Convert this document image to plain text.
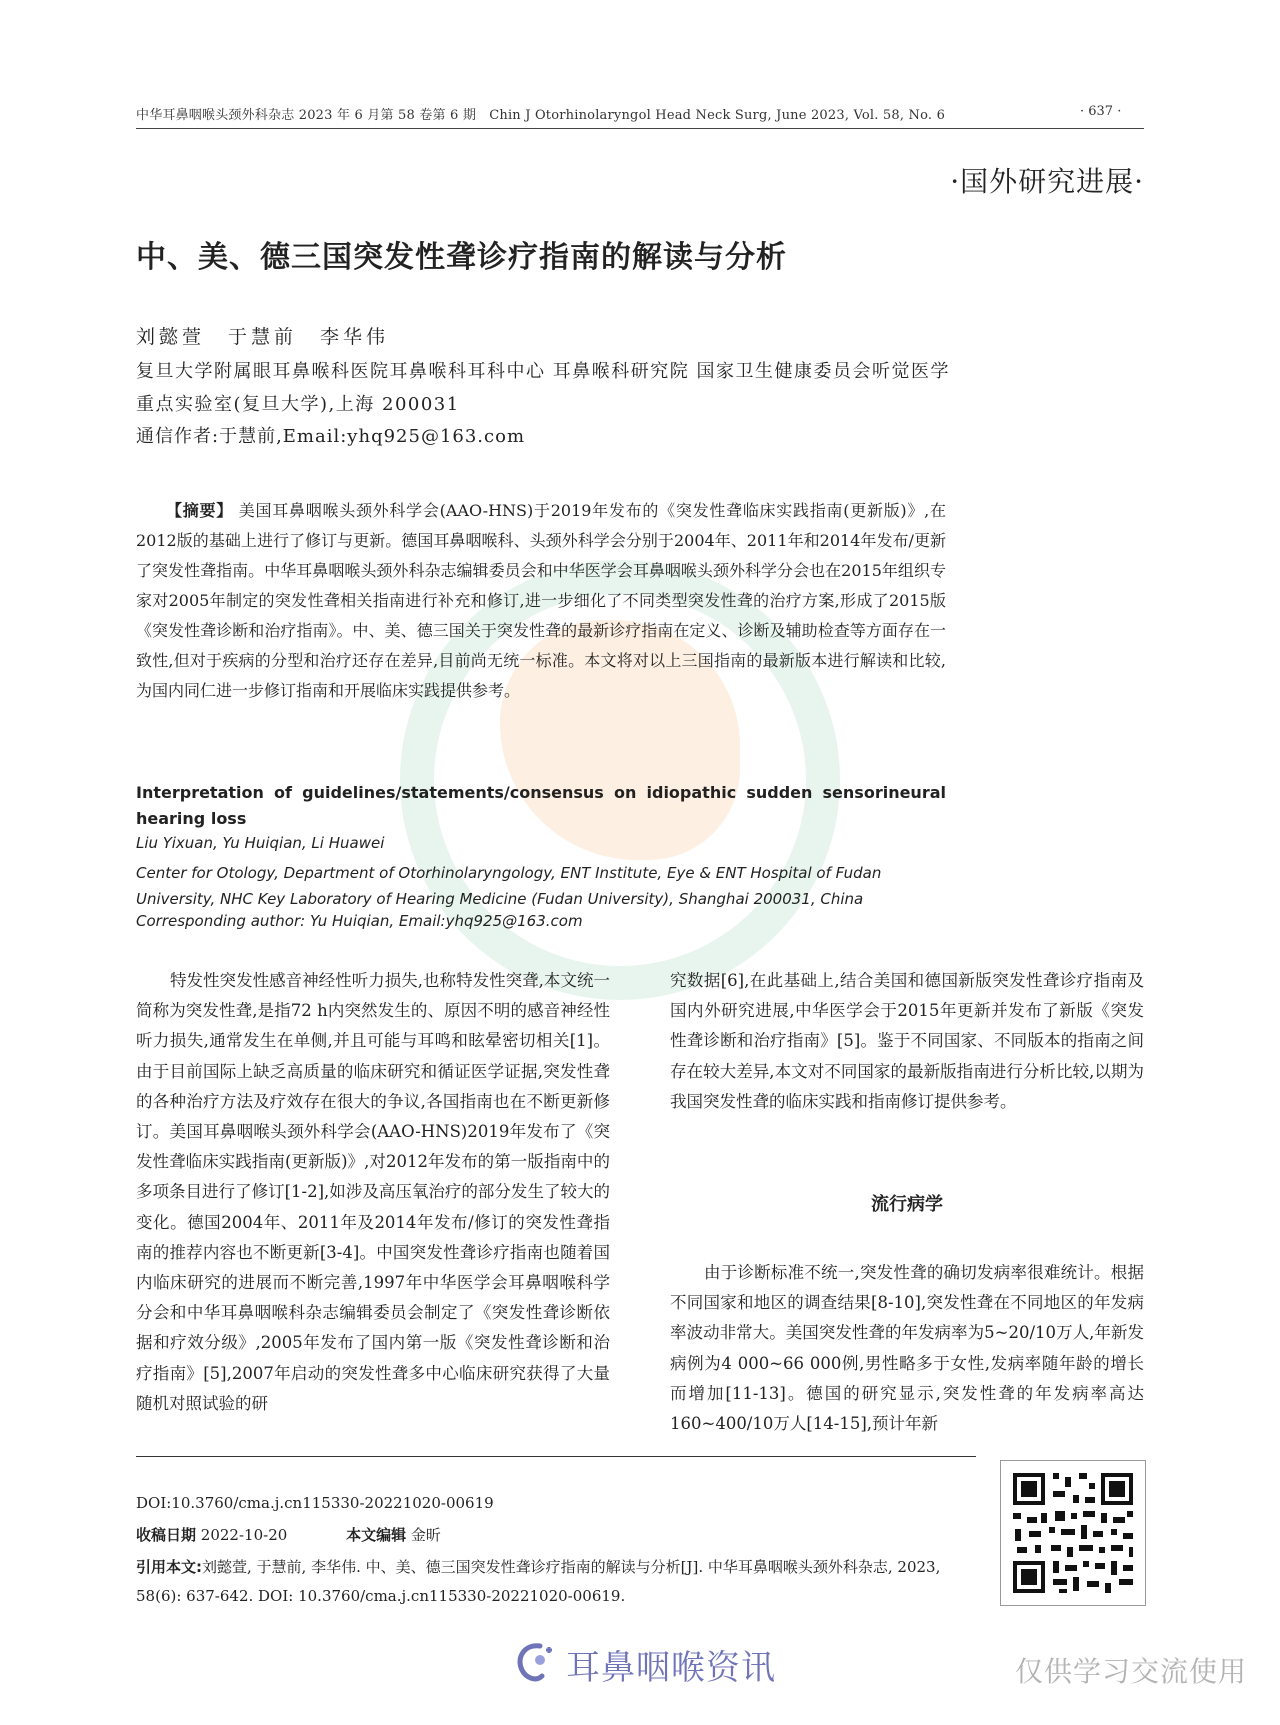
中华耳鼻咽喉头颈外科杂志 2023 年 6 月第 58 卷第 6 期　Chin J Otorhinolaryngol Head Neck Surg, June 2023, Vol. 58, No. 6	· 637 ·
·国外研究进展·
中、美、德三国突发性聋诊疗指南的解读与分析
刘懿萱　于慧前　李华伟
复旦大学附属眼耳鼻喉科医院耳鼻喉科耳科中心 耳鼻喉科研究院 国家卫生健康委员会听觉医学重点实验室(复旦大学),上海 200031
通信作者:于慧前,Email:yhq925@163.com
【摘要】 美国耳鼻咽喉头颈外科学会(AAO-HNS)于2019年发布的《突发性聋临床实践指南(更新版)》,在2012版的基础上进行了修订与更新。德国耳鼻咽喉科、头颈外科学会分别于2004年、2011年和2014年发布/更新了突发性聋指南。中华耳鼻咽喉头颈外科杂志编辑委员会和中华医学会耳鼻咽喉头颈外科学分会也在2015年组织专家对2005年制定的突发性聋相关指南进行补充和修订,进一步细化了不同类型突发性聋的治疗方案,形成了2015版《突发性聋诊断和治疗指南》。中、美、德三国关于突发性聋的最新诊疗指南在定义、诊断及辅助检查等方面存在一致性,但对于疾病的分型和治疗还存在差异,目前尚无统一标准。本文将对以上三国指南的最新版本进行解读和比较,为国内同仁进一步修订指南和开展临床实践提供参考。
Interpretation of guidelines/statements/consensus on idiopathic sudden sensorineural hearing loss
Liu Yixuan, Yu Huiqian, Li Huawei
Center for Otology, Department of Otorhinolaryngology, ENT Institute, Eye & ENT Hospital of Fudan University, NHC Key Laboratory of Hearing Medicine (Fudan University), Shanghai 200031, China
Corresponding author: Yu Huiqian, Email:yhq925@163.com
特发性突发性感音神经性听力损失,也称特发性突聋,本文统一简称为突发性聋,是指72 h内突然发生的、原因不明的感音神经性听力损失,通常发生在单侧,并且可能与耳鸣和眩晕密切相关[1]。由于目前国际上缺乏高质量的临床研究和循证医学证据,突发性聋的各种治疗方法及疗效存在很大的争议,各国指南也在不断更新修订。美国耳鼻咽喉头颈外科学会(AAO-HNS)2019年发布了《突发性聋临床实践指南(更新版)》,对2012年发布的第一版指南中的多项条目进行了修订[1-2],如涉及高压氧治疗的部分发生了较大的变化。德国2004年、2011年及2014年发布/修订的突发性聋指南的推荐内容也不断更新[3-4]。中国突发性聋诊疗指南也随着国内临床研究的进展而不断完善,1997年中华医学会耳鼻咽喉科学分会和中华耳鼻咽喉科杂志编辑委员会制定了《突发性聋诊断依据和疗效分级》,2005年发布了国内第一版《突发性聋诊断和治疗指南》[5],2007年启动的突发性聋多中心临床研究获得了大量随机对照试验的研
究数据[6],在此基础上,结合美国和德国新版突发性聋诊疗指南及国内外研究进展,中华医学会于2015年更新并发布了新版《突发性聋诊断和治疗指南》[5]。鉴于不同国家、不同版本的指南之间存在较大差异,本文对不同国家的最新版指南进行分析比较,以期为我国突发性聋的临床实践和指南修订提供参考。
流行病学
由于诊断标准不统一,突发性聋的确切发病率很难统计。根据不同国家和地区的调查结果[8-10],突发性聋在不同地区的年发病率波动非常大。美国突发性聋的年发病率为5~20/10万人,年新发病例为4 000~66 000例,男性略多于女性,发病率随年龄的增长而增加[11-13]。德国的研究显示,突发性聋的年发病率高达160~400/10万人[14-15],预计年新
DOI:10.3760/cma.j.cn115330-20221020-00619
收稿日期 2022-10-20	本文编辑 金昕
引用本文:刘懿萱, 于慧前, 李华伟. 中、美、德三国突发性聋诊疗指南的解读与分析[J]. 中华耳鼻咽喉头颈外科杂志, 2023, 58(6): 637-642. DOI: 10.3760/cma.j.cn115330-20221020-00619.
耳鼻咽喉资讯	仅供学习交流使用
